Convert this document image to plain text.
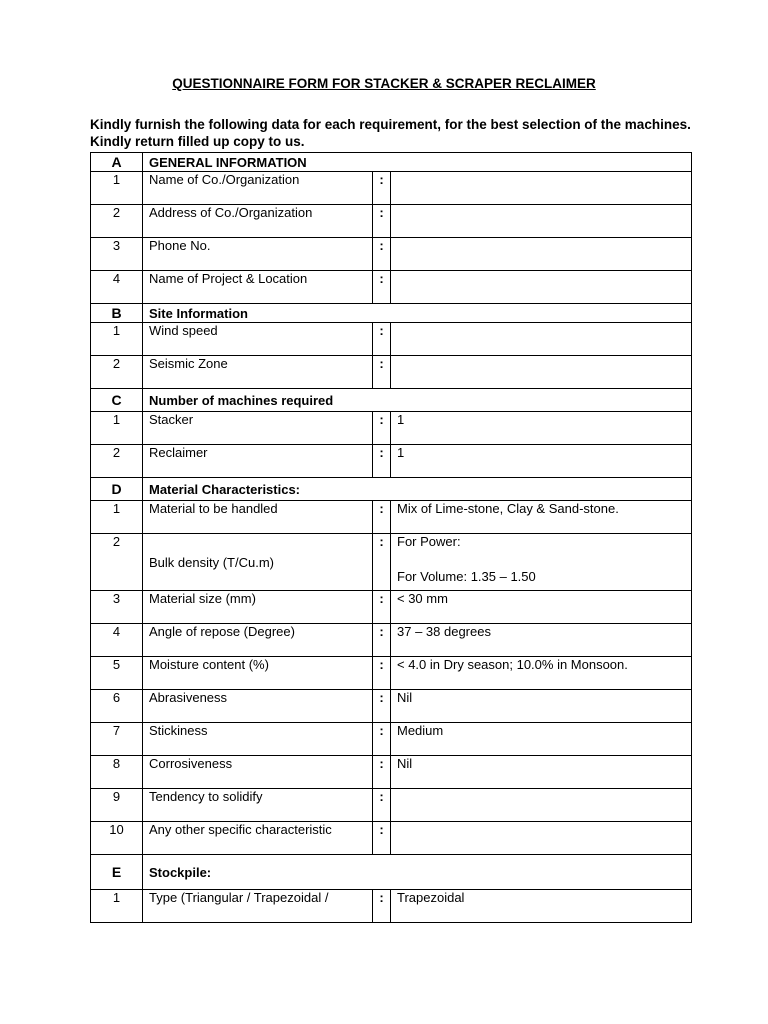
QUESTIONNAIRE FORM FOR STACKER & SCRAPER RECLAIMER
Kindly furnish the following data for each requirement, for the best selection of the machines.
Kindly return filled up copy to us.
A	GENERAL INFORMATION		
1	Name of Co./Organization	:	
2	Address of Co./Organization	:	
3	Phone No.	:	
4	Name of Project & Location	:	
B	Site Information		
1	Wind speed	:	
2	Seismic Zone	:	
C	Number of machines required		
1	Stacker	:	1
2	Reclaimer	:	1
D	Material Characteristics:		
1	Material to be handled	:	Mix of Lime-stone, Clay & Sand-stone.
2	Bulk density (T/Cu.m)	:	For Power:
For Volume: 1.35 – 1.50

3	Material size (mm)	:	< 30 mm
4	Angle of repose (Degree)	:	37 – 38 degrees
5	Moisture content (%)	:	< 4.0 in Dry season; 10.0% in Monsoon.
6	Abrasiveness	:	Nil
7	Stickiness	:	Medium
8	Corrosiveness	:	Nil
9	Tendency to solidify	:	
10	Any other specific characteristic	:	
E	Stockpile:		
1	Type (Triangular / Trapezoidal /	:	Trapezoidal
